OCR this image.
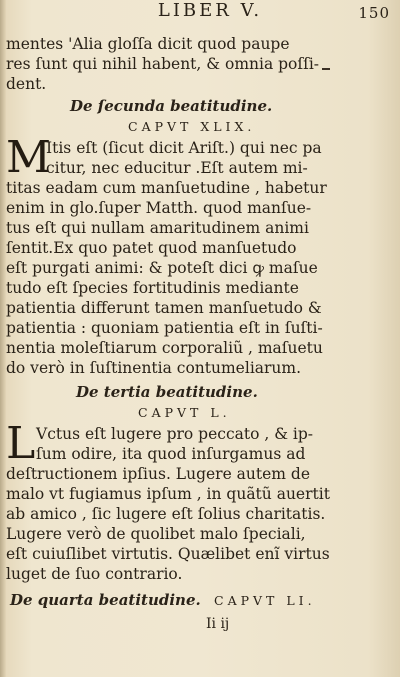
LIBER V.	150
mentes 'Alia gloſſa dicit quod paupe
res ſunt qui nihil habent, & omnia poſſi-
dent.
De ſecunda beatitudine.
CAPVT XLIX.
M
Itis eſt (ſicut dicit Ariſt.) qui nec pa
citur, nec educitur .Eſt autem mi-
titas eadam cum manſuetudine , habetur
enim in glo.ſuper Matth. quod manſue-
tus eſt qui nullam amaritudinem animi
ſentit.Ex quo patet quod manſuetudo
eſt purgati animi: & poteſt dici ꝙ maſue
tudo eſt ſpecies fortitudinis mediante
patientia differunt tamen manſuetudo &
patientia : quoniam patientia eſt in ſuſti-
nentia moleſtiarum corporaliũ , maſuetu
do verò in ſuſtinentia contumeliarum.
De tertia beatitudine.
CAPVT L.
L Vctus eſt lugere pro peccato , & ip-
ſum odire, ita quod inſurgamus ad
deſtructionem ipſius. Lugere autem de
malo vt fugiamus ipſum , in quãtũ auertit
ab amico , ſic lugere eſt ſolius charitatis.
Lugere verò de quolibet malo ſpeciali,
eſt cuiuſlibet virtutis. Quælibet enĩ virtus
luget de ſuo contrario.
De quarta beatitudine. CAPVT LI.
Ii ij
